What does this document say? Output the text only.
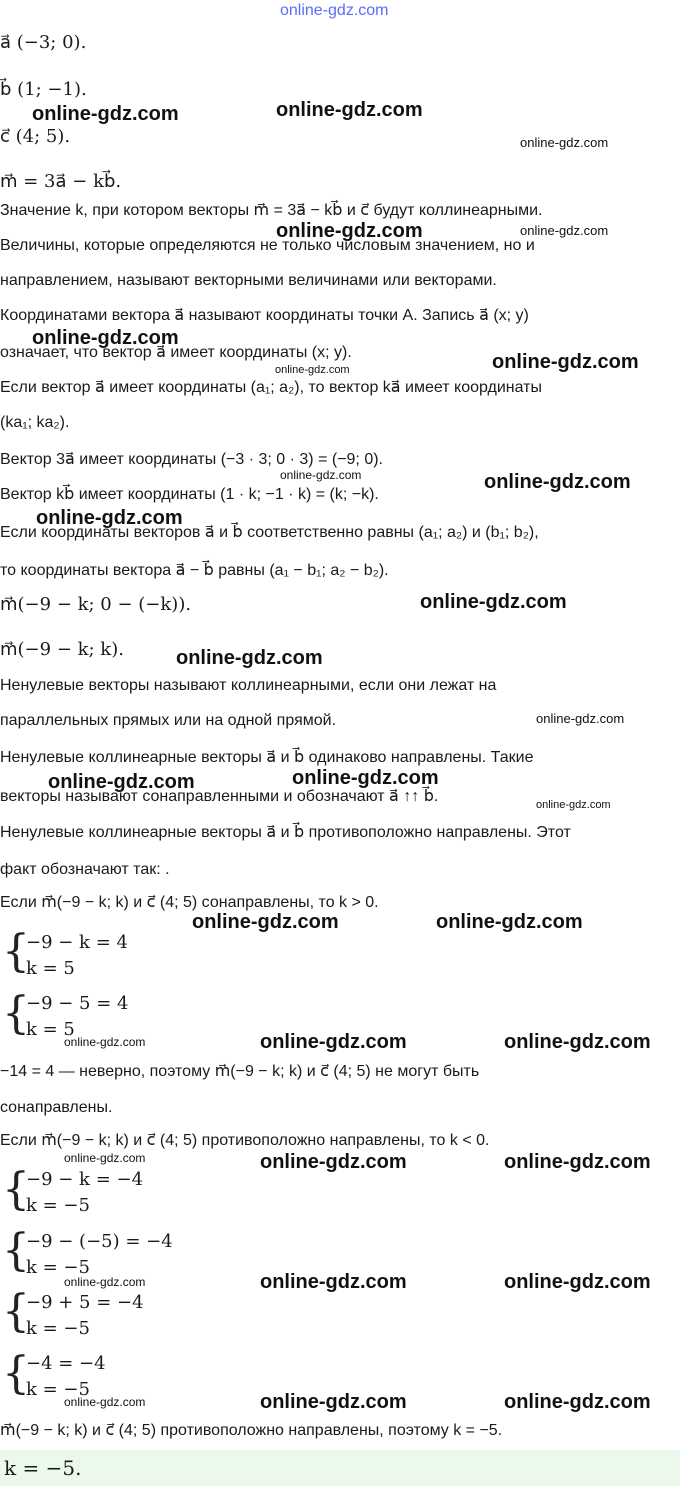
online-gdz.com
a⃗ (−3; 0).
b⃗ (1; −1).
c⃗ (4; 5).
m⃗ = 3a⃗ − kb⃗.
Значение k, при котором векторы m⃗ = 3a⃗ − kb⃗ и c⃗ будут коллинеарными.
Величины, которые определяются не только числовым значением, но и
направлением, называют векторными величинами или векторами.
Координатами вектора a⃗ называют координаты точки A. Запись a⃗ (x; y)
означает, что вектор a⃗ имеет координаты (x; y).
Если вектор a⃗ имеет координаты (a₁; a₂), то вектор ka⃗ имеет координаты
(ka₁; ka₂).
Вектор 3a⃗ имеет координаты (−3 · 3; 0 · 3) = (−9; 0).
Вектор kb⃗ имеет координаты (1 · k; −1 · k) = (k; −k).
Если координаты векторов a⃗ и b⃗ соответственно равны (a₁; a₂) и (b₁; b₂),
то координаты вектора a⃗ − b⃗ равны (a₁ − b₁; a₂ − b₂).
m⃗(−9 − k; 0 − (−k)).
m⃗(−9 − k; k).
Ненулевые векторы называют коллинеарными, если они лежат на
параллельных прямых или на одной прямой.
Ненулевые коллинеарные векторы a⃗ и b⃗ одинаково направлены. Такие
векторы называют сонаправленными и обозначают a⃗ ↑↑ b⃗.
Ненулевые коллинеарные векторы a⃗ и b⃗ противоположно направлены. Этот
факт обозначают так: .
Если m⃗(−9 − k; k) и c⃗ (4; 5) сонаправлены, то k > 0.
{
−9 − k = 4
k = 5
{
−9 − 5 = 4
k = 5
−14 = 4 — неверно, поэтому m⃗(−9 − k; k) и c⃗ (4; 5) не могут быть
сонаправлены.
Если m⃗(−9 − k; k) и c⃗ (4; 5) противоположно направлены, то k < 0.
{
−9 − k = −4
k = −5
{
−9 − (−5) = −4
k = −5
{
−9 + 5 = −4
k = −5
{
−4 = −4
k = −5
m⃗(−9 − k; k) и c⃗ (4; 5) противоположно направлены, поэтому k = −5.
k = −5.
online-gdz.com	online-gdz.com
online-gdz.com
online-gdz.com	online-gdz.com
online-gdz.com
online-gdz.com	online-gdz.com
online-gdz.com	online-gdz.com
online-gdz.com
online-gdz.com
online-gdz.com
online-gdz.com
online-gdz.com	online-gdz.com
online-gdz.com
online-gdz.com	online-gdz.com
online-gdz.com	online-gdz.com	online-gdz.com
online-gdz.com	online-gdz.com	online-gdz.com
online-gdz.com	online-gdz.com	online-gdz.com
online-gdz.com	online-gdz.com	online-gdz.com
